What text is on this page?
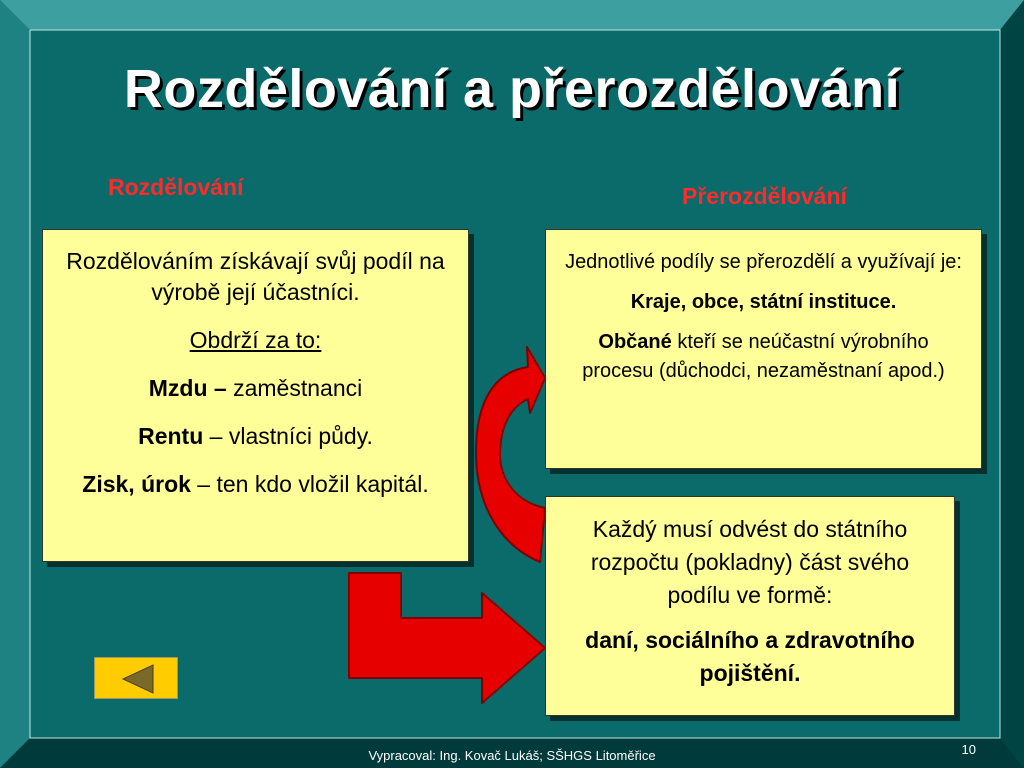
Rozdělování a přerozdělování
Rozdělování	Přerozdělování

Rozdělováním získávají svůj podíl na výrobě její účastníci.

Obdrží za to:

Mzdu – zaměstnanci

Rentu – vlastníci půdy.

Zisk, úrok – ten kdo vložil kapitál.

Jednotlivé podíly se přerozdělí a využívají je:

Kraje, obce, státní instituce.

Občané kteří se neúčastní výrobního procesu (důchodci, nezaměstnaní apod.)

Každý musí odvést do státního rozpočtu (pokladny) část svého podílu ve formě:

daní, sociálního a zdravotního pojištění.

Vypracoval: Ing. Kovač Lukáš; SŠHGS Litoměřice	10
